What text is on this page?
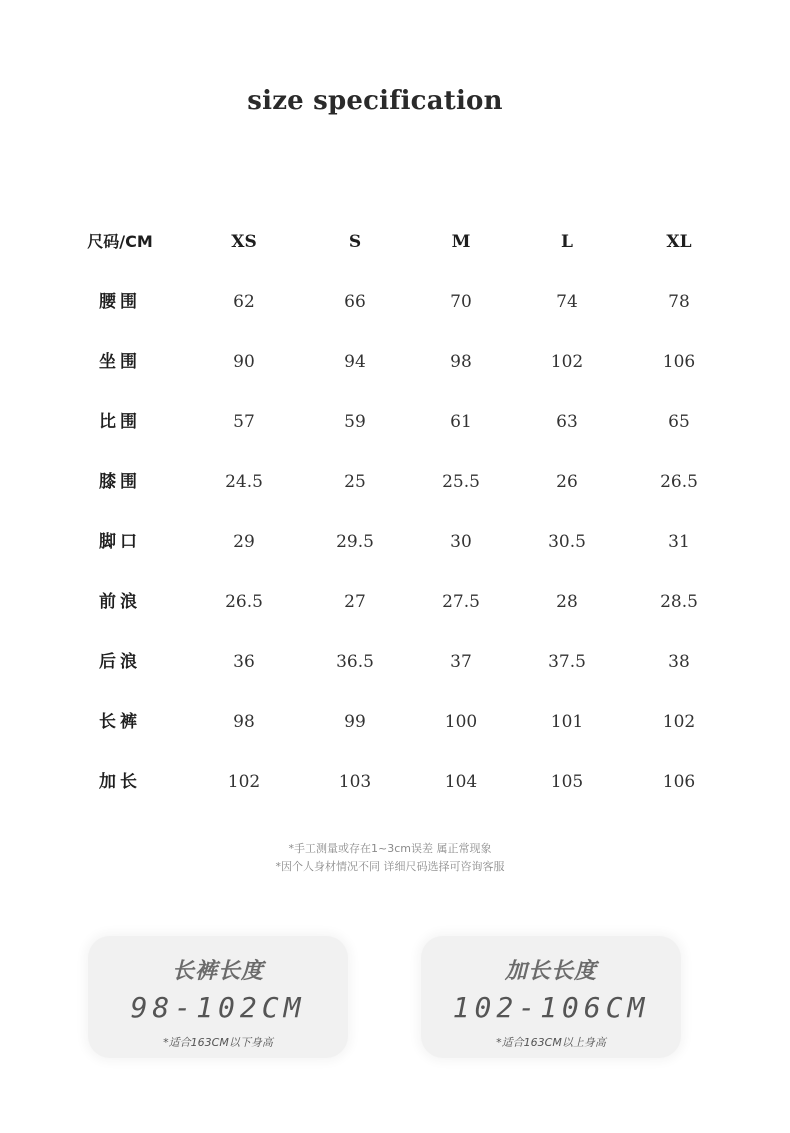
size specification
尺码/CM	XS	S	M	L	XL
腰围	62	66	70	74	78
坐围	90	94	98	102	106
比围	57	59	61	63	65
膝围	24.5	25	25.5	26	26.5
脚口	29	29.5	30	30.5	31
前浪	26.5	27	27.5	28	28.5
后浪	36	36.5	37	37.5	38
长裤	98	99	100	101	102
加长	102	103	104	105	106
*手工测量或存在1~3cm误差 属正常现象
*因个人身材情况不同 详细尺码选择可咨询客服
长裤长度
98-102CM
*适合163CM以下身高
加长长度
102-106CM
*适合163CM以上身高
